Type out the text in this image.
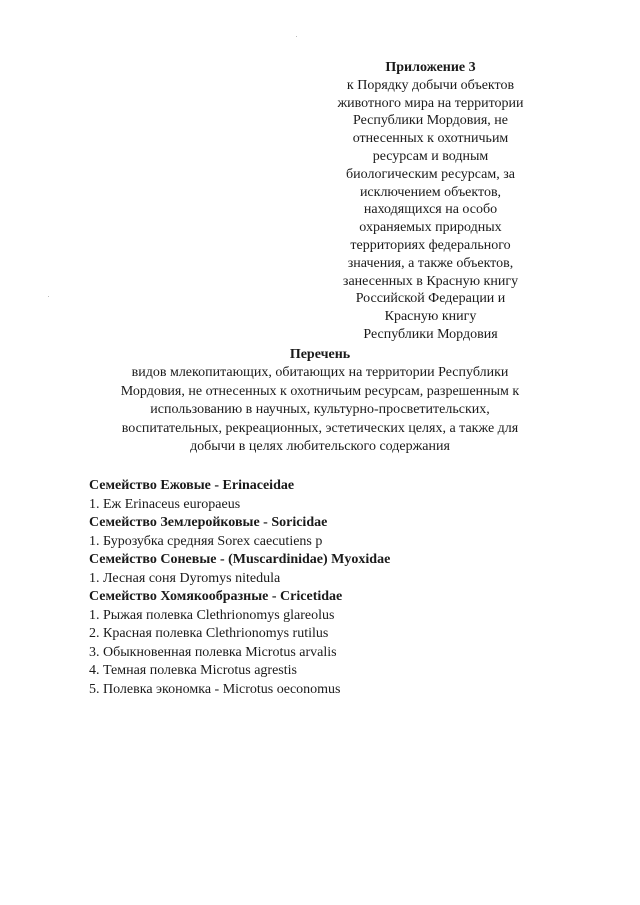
Приложение 3
к Порядку добычи объектов
животного мира на территории
Республики Мордовия, не
отнесенных к охотничьим
ресурсам и водным
биологическим ресурсам, за
исключением объектов,
находящихся на особо
охраняемых природных
территориях федерального
значения, а также объектов,
занесенных в Красную книгу
Российской Федерации и
Красную книгу
Республики Мордовия
Перечень
видов млекопитающих, обитающих на территории Республики
Мордовия, не отнесенных к охотничьим ресурсам, разрешенным к
использованию в научных, культурно-просветительских,
воспитательных, рекреационных, эстетических целях, а также для
добычи в целях любительского содержания
Семейство Ежовые - Erinaceidae
1. Еж Erinaceus europaeus
Семейство Землеройковые - Soricidae
1. Бурозубка средняя Sorex caecutiens p
Семейство Соневые - (Muscardinidae) Myoxidae
1. Лесная соня Dyromys nitedula
Семейство Хомякообразные - Cricetidae
1. Рыжая полевка Clethrionomys glareolus
2. Красная полевка Clethrionomys rutilus
3. Обыкновенная полевка Microtus arvalis
4. Темная полевка Microtus agrestis
5. Полевка экономка - Microtus oeconomus
